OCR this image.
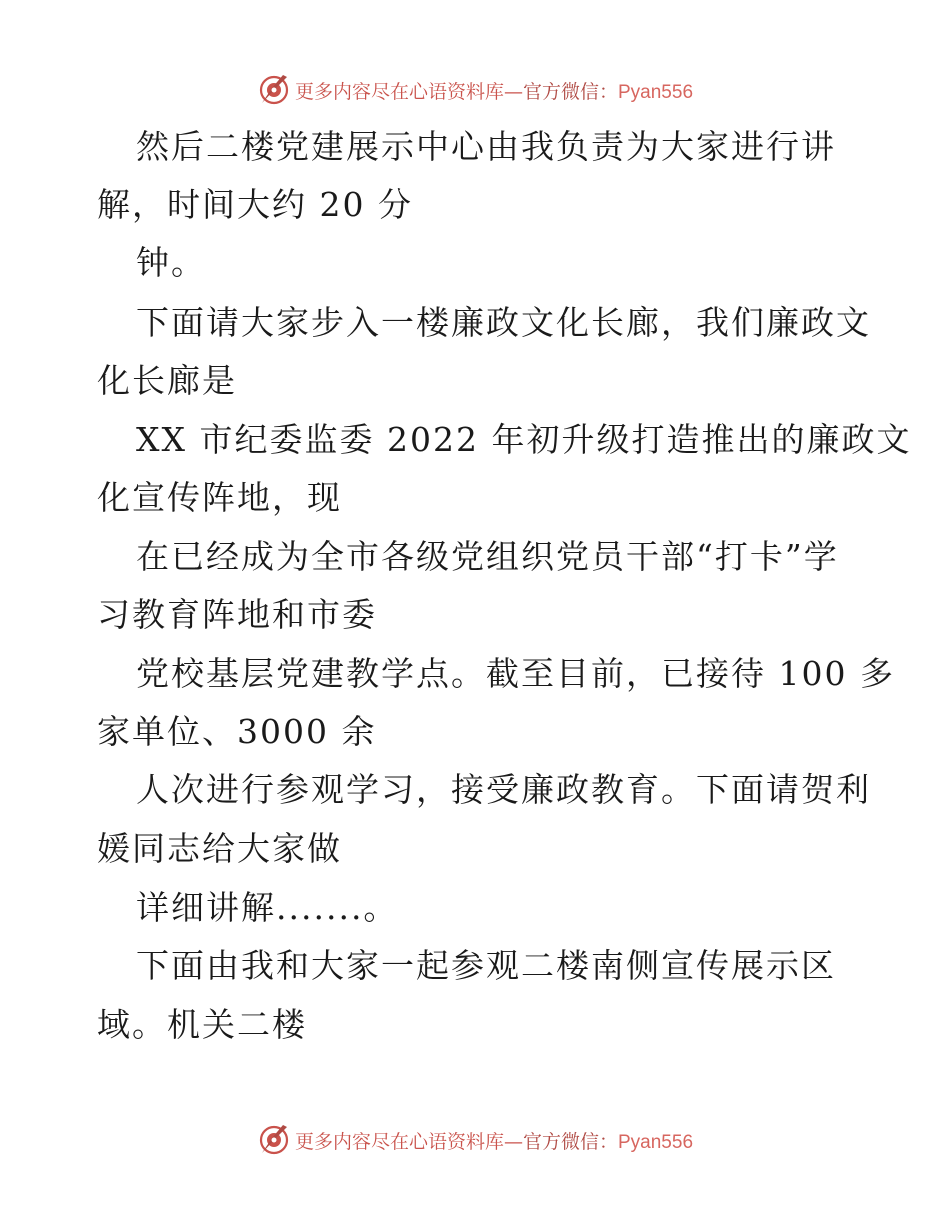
更多内容尽在心语资料库—官方微信：Pyan556
然后二楼党建展示中心由我负责为大家进行讲
解，时间大约 20 分
钟。
下面请大家步入一楼廉政文化长廊，我们廉政文
化长廊是
XX 市纪委监委 2022 年初升级打造推出的廉政文
化宣传阵地，现
在已经成为全市各级党组织党员干部“打卡”学
习教育阵地和市委
党校基层党建教学点。截至目前，已接待 100 多
家单位、3000 余
人次进行参观学习，接受廉政教育。下面请贺利
媛同志给大家做
详细讲解.......。
下面由我和大家一起参观二楼南侧宣传展示区
域。机关二楼
更多内容尽在心语资料库—官方微信：Pyan556
